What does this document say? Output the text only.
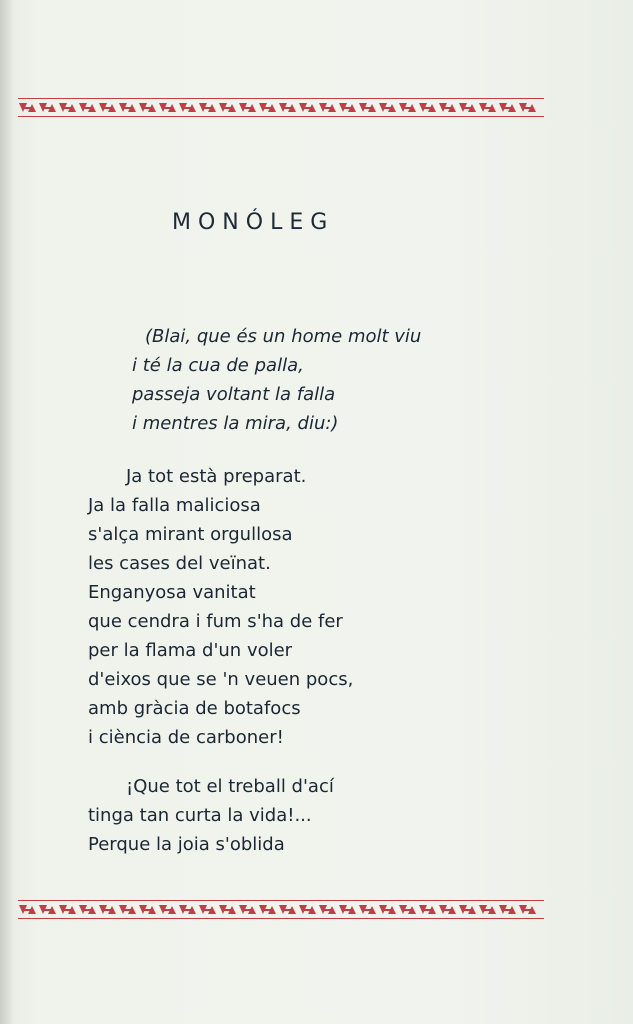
MONÓLEG
(Blai, que és un home molt viu
i té la cua de palla,
passeja voltant la falla
i mentres la mira, diu:)
Ja tot està preparat.
Ja la falla maliciosa
s'alça mirant orgullosa
les cases del veïnat.
Enganyosa vanitat
que cendra i fum s'ha de fer
per la flama d'un voler
d'eixos que se 'n veuen pocs,
amb gràcia de botafocs
i ciència de carboner!
¡Que tot el treball d'ací
tinga tan curta la vida!...
Perque la joia s'oblida
